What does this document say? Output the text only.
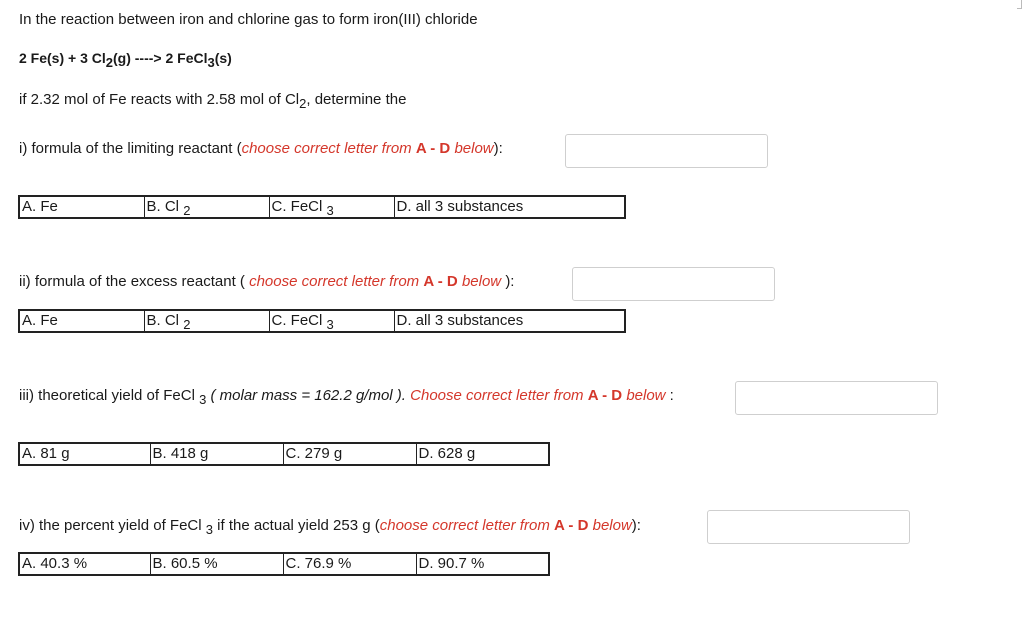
In the reaction between iron and chlorine gas to form iron(III) chloride
2 Fe(s) + 3 $Cl_2(g)$ ----> 2 FeCl$_3$(s)
if 2.32 mol of Fe reacts with 2.58 mol of $Cl_2$, determine the
i) formula of the limiting reactant (choose correct letter from A - D below):
A. Fe	B. Cl $_2$	C. FeCl $_3$	D. all 3 substances
ii) formula of the excess reactant ( choose correct letter from A - D below ):
A. Fe	B. Cl $_2$	C. FeCl $_3$	D. all 3 substances
iii) theoretical yield of FeCl $_3$ ( molar mass = 162.2 g/mol ). Choose correct letter from A - D below :
A. 81 g	B. 418 g	C. 279 g	D. 628 g
iv) the percent yield of FeCl $_3$ if the actual yield 253 g (choose correct letter from A - D below):
A. 40.3 %	B. 60.5 %	C. 76.9 %	D. 90.7 %
